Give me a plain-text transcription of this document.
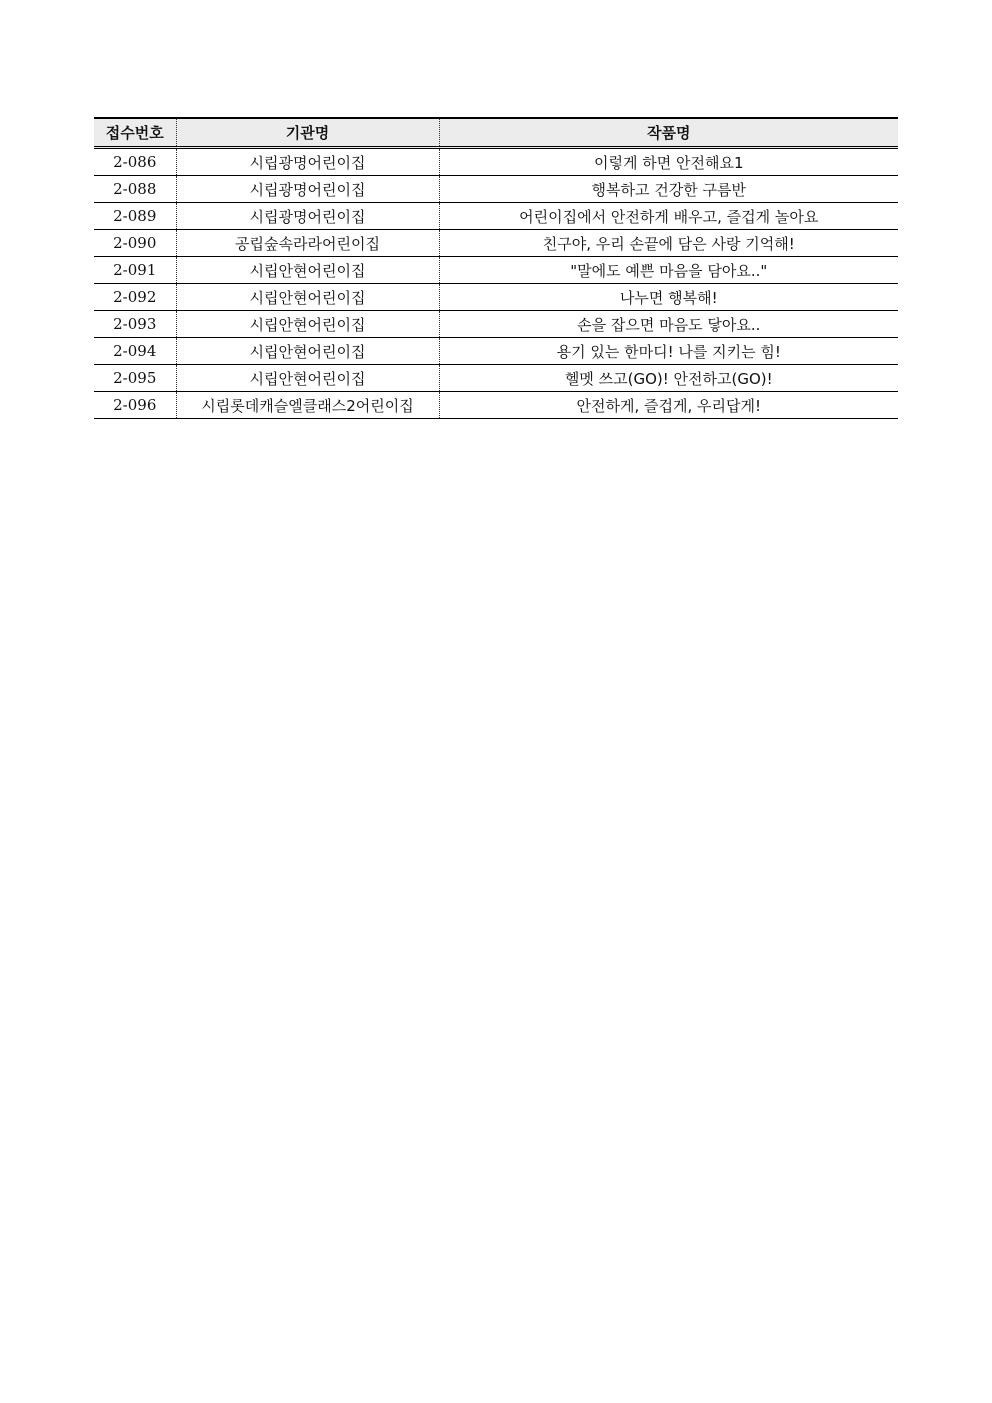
접수번호	기관명	작품명
2-086	시립광명어린이집	이렇게 하면 안전해요1
2-088	시립광명어린이집	행복하고 건강한 구름반
2-089	시립광명어린이집	어린이집에서 안전하게 배우고, 즐겁게 놀아요
2-090	공립숲속라라어린이집	친구야, 우리 손끝에 담은 사랑 기억해!
2-091	시립안현어린이집	"말에도 예쁜 마음을 담아요.."
2-092	시립안현어린이집	나누면 행복해!
2-093	시립안현어린이집	손을 잡으면 마음도 닿아요..
2-094	시립안현어린이집	용기 있는 한마디! 나를 지키는 힘!
2-095	시립안현어린이집	헬멧 쓰고(GO)! 안전하고(GO)!
2-096	시립롯데캐슬엘클래스2어린이집	안전하게, 즐겁게, 우리답게!
